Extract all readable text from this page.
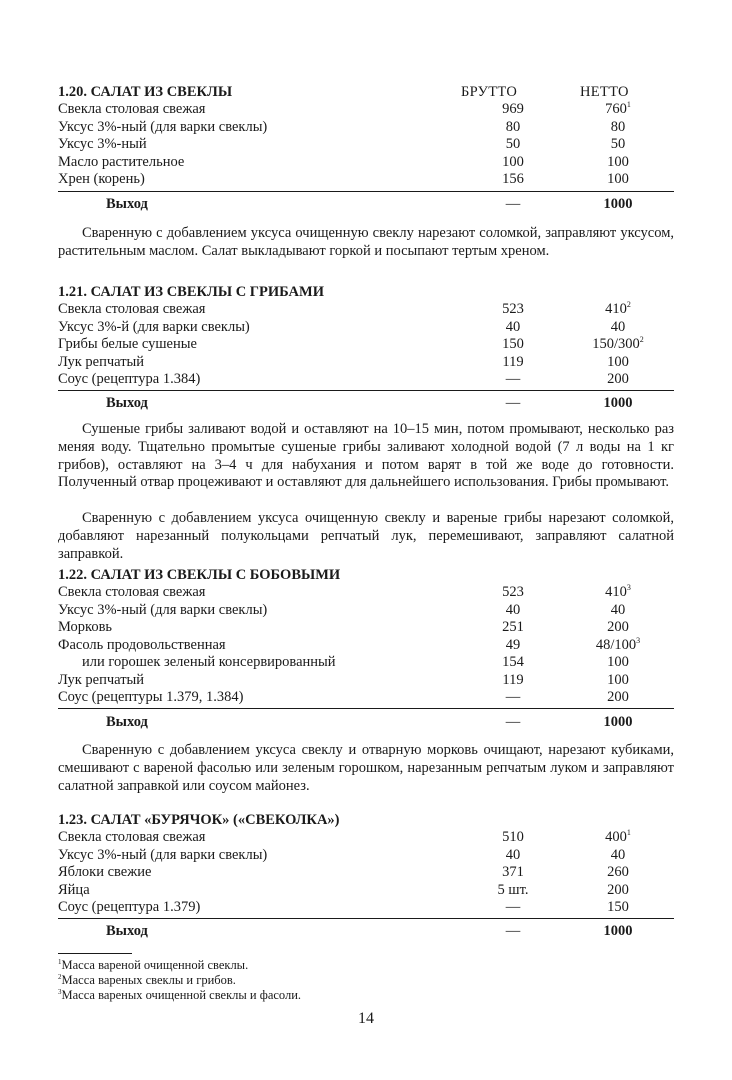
1.20. САЛАТ ИЗ СВЕКЛЫ	БРУТТО	НЕТТО
Свекла столовая свежая	969	$760^1$
Уксус 3%-ный (для варки свеклы)	80	80
Уксус 3%-ный	50	50
Масло растительное	100	100
Хрен (корень)	156	100
Выход	—	1000

Сваренную с добавлением уксуса очищенную свеклу нарезают соломкой, заправляют уксусом, растительным маслом. Салат выкладывают горкой и посыпают тертым хреном.

1.21. САЛАТ ИЗ СВЕКЛЫ С ГРИБАМИ
Свекла столовая свежая	523	$410^2$
Уксус 3%-й (для варки свеклы)	40	40
Грибы белые сушеные	150	$150/300^2$
Лук репчатый	119	100
Соус (рецептура 1.384)	—	200
Выход	—	1000

Сушеные грибы заливают водой и оставляют на 10–15 мин, потом промывают, несколько раз меняя воду. Тщательно промытые сушеные грибы заливают холодной водой (7 л воды на 1 кг грибов), оставляют на 3–4 ч для набухания и потом варят в той же воде до готовности. Полученный отвар процеживают и оставляют для дальнейшего использования. Грибы промывают.

Сваренную с добавлением уксуса очищенную свеклу и вареные грибы нарезают соломкой, добавляют нарезанный полукольцами репчатый лук, перемешивают, заправляют салатной заправкой.

1.22. САЛАТ ИЗ СВЕКЛЫ С БОБОВЫМИ
Свекла столовая свежая	523	$410^3$
Уксус 3%-ный (для варки свеклы)	40	40
Морковь	251	200
Фасоль продовольственная	49	$48/100^3$
или горошек зеленый консервированный	154	100
Лук репчатый	119	100
Соус (рецептуры 1.379, 1.384)	—	200
Выход	—	1000

Сваренную с добавлением уксуса свеклу и отварную морковь очищают, нарезают кубиками, смешивают с вареной фасолью или зеленым горошком, нарезанным репчатым луком и заправляют салатной заправкой или соусом майонез.

1.23. САЛАТ «БУРЯЧОК» («СВЕКОЛКА»)
Свекла столовая свежая	510	$400^1$
Уксус 3%-ный (для варки свеклы)	40	40
Яблоки свежие	371	260
Яйца	5 шт.	200
Соус (рецептура 1.379)	—	150
Выход	—	1000
$^1$Масса вареной очищенной свеклы.
$^2$Масса вареных свеклы и грибов.
$^3$Масса вареных очищенной свеклы и фасоли.
14
